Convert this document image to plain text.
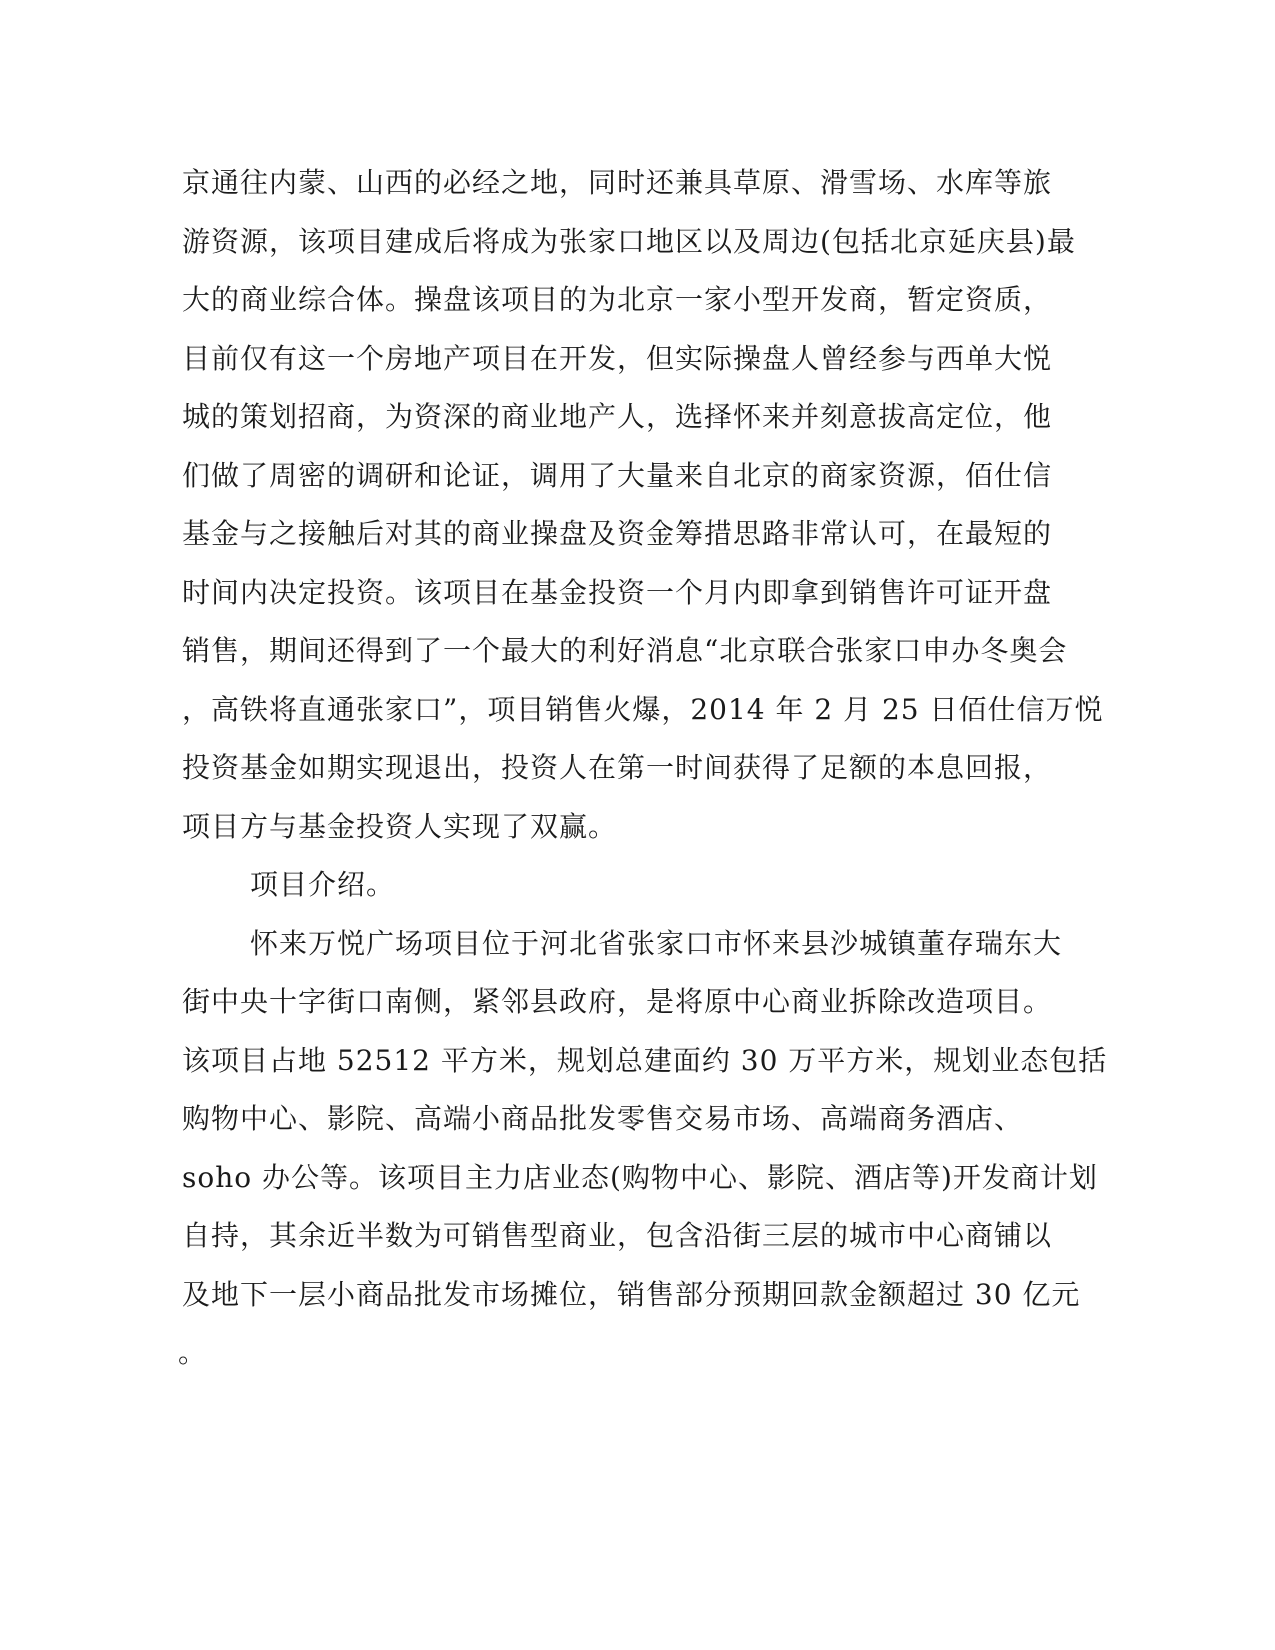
京通往内蒙、山西的必经之地，同时还兼具草原、滑雪场、水库等旅
游资源，该项目建成后将成为张家口地区以及周边(包括北京延庆县)最
大的商业综合体。操盘该项目的为北京一家小型开发商，暂定资质，
目前仅有这一个房地产项目在开发，但实际操盘人曾经参与西单大悦
城的策划招商，为资深的商业地产人，选择怀来并刻意拔高定位，他
们做了周密的调研和论证，调用了大量来自北京的商家资源，佰仕信
基金与之接触后对其的商业操盘及资金筹措思路非常认可，在最短的
时间内决定投资。该项目在基金投资一个月内即拿到销售许可证开盘
销售，期间还得到了一个最大的利好消息“北京联合张家口申办冬奥会
，高铁将直通张家口”，项目销售火爆，2014 年 2 月 25 日佰仕信万悦
投资基金如期实现退出，投资人在第一时间获得了足额的本息回报，
项目方与基金投资人实现了双赢。
项目介绍。
怀来万悦广场项目位于河北省张家口市怀来县沙城镇董存瑞东大
街中央十字街口南侧，紧邻县政府，是将原中心商业拆除改造项目。
该项目占地 52512 平方米，规划总建面约 30 万平方米，规划业态包括
购物中心、影院、高端小商品批发零售交易市场、高端商务酒店、
soho 办公等。该项目主力店业态(购物中心、影院、酒店等)开发商计划
自持，其余近半数为可销售型商业，包含沿街三层的城市中心商铺以
及地下一层小商品批发市场摊位，销售部分预期回款金额超过 30 亿元
。
